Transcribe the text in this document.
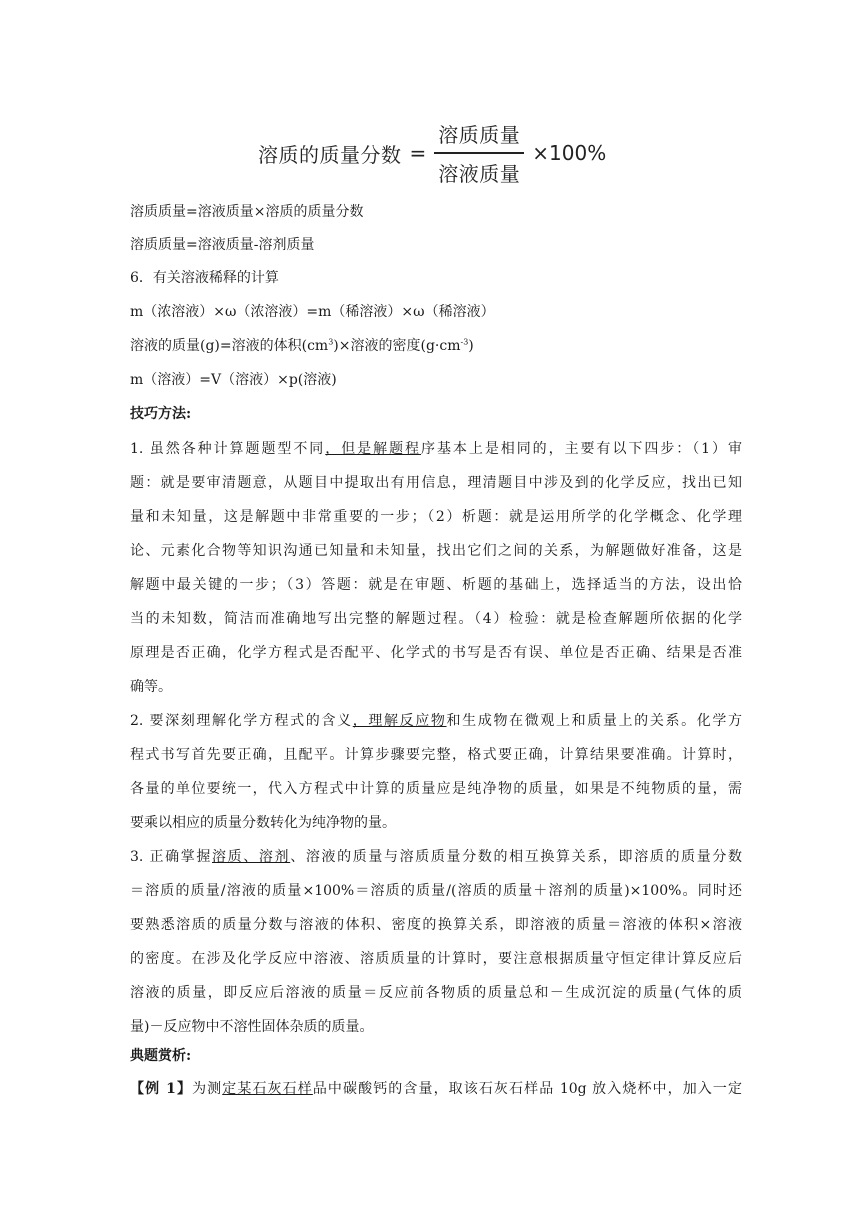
溶质的质量分数 = $\frac{\text{溶质质量}}{\text{溶液质量}} \times 100\%$
溶质质量=溶液质量×溶质的质量分数
溶质质量=溶液质量-溶剂质量
6．有关溶液稀释的计算
m（浓溶液）×ω（浓溶液）=m（稀溶液）×ω（稀溶液）
溶液的质量(g)=溶液的体积$(cm^3)\times$溶液的密度$(g\cdot cm^{-3})$
m（溶液）=V（溶液）×p(溶液)
技巧方法:
1. 虽然各种计算题题型不同，但是解题程序基本上是相同的，主要有以下四步：（1）审
题：就是要审清题意，从题目中提取出有用信息，理清题目中涉及到的化学反应，找出已知
量和未知量，这是解题中非常重要的一步；（2）析题：就是运用所学的化学概念、化学理
论、元素化合物等知识沟通已知量和未知量，找出它们之间的关系，为解题做好准备，这是
解题中最关键的一步；（3）答题：就是在审题、析题的基础上，选择适当的方法，设出恰
当的未知数，简洁而准确地写出完整的解题过程。（4）检验：就是检查解题所依据的化学
原理是否正确，化学方程式是否配平、化学式的书写是否有误、单位是否正确、结果是否准
确等。
2. 要深刻理解化学方程式的含义，理解反应物和生成物在微观上和质量上的关系。化学方
程式书写首先要正确，且配平。计算步骤要完整，格式要正确，计算结果要准确。计算时，
各量的单位要统一，代入方程式中计算的质量应是纯净物的质量，如果是不纯物质的量，需
要乘以相应的质量分数转化为纯净物的量。
3. 正确掌握溶质、溶剂、溶液的质量与溶质质量分数的相互换算关系，即溶质的质量分数
＝溶质的质量/溶液的质量×100%＝溶质的质量/(溶质的质量＋溶剂的质量)×100%。同时还
要熟悉溶质的质量分数与溶液的体积、密度的换算关系，即溶液的质量＝溶液的体积×溶液
的密度。在涉及化学反应中溶液、溶质质量的计算时，要注意根据质量守恒定律计算反应后
溶液的质量，即反应后溶液的质量＝反应前各物质的质量总和－生成沉淀的质量(气体的质
量)－反应物中不溶性固体杂质的质量。
典题赏析:
【例 1】为测定某石灰石样品中碳酸钙的含量，取该石灰石样品 10g 放入烧杯中，加入一定
